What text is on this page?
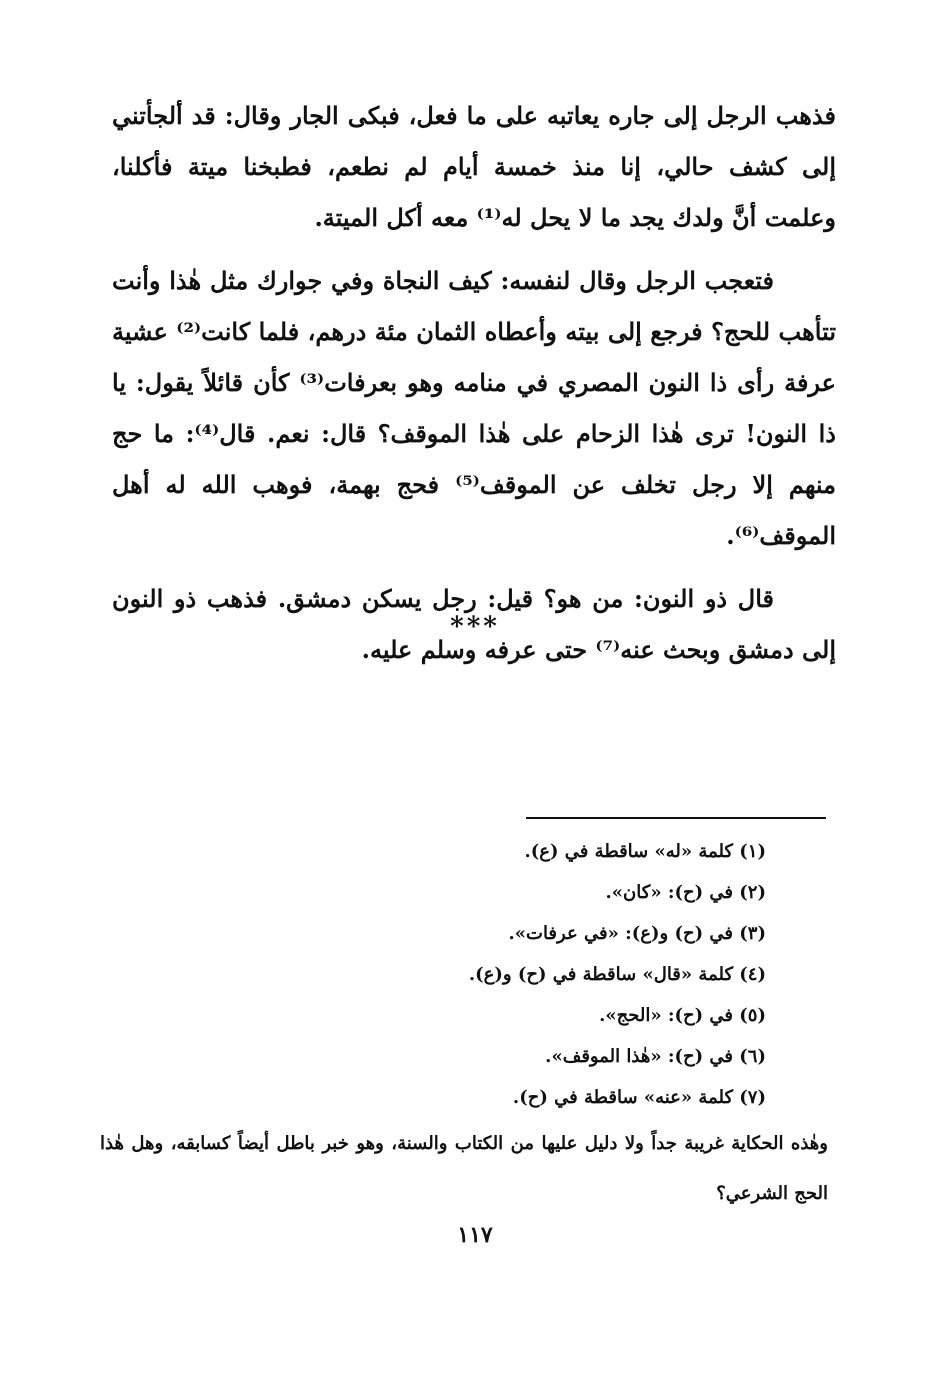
فذهب الرجل إلى جاره يعاتبه على ما فعل، فبكى الجار وقال: قد ألجأتني إلى كشف حالي، إنا منذ خمسة أيام لم نطعم، فطبخنا ميتة فأكلنا، وعلمت أنَّ ولدك يجد ما لا يحل له⁽¹⁾ معه أكل الميتة.

فتعجب الرجل وقال لنفسه: كيف النجاة وفي جوارك مثل هٰذا وأنت تتأهب للحج؟ فرجع إلى بيته وأعطاه الثمان مئة درهم، فلما كانت⁽²⁾ عشية عرفة رأى ذا النون المصري في منامه وهو بعرفات⁽³⁾ كأن قائلاً يقول: يا ذا النون! ترى هٰذا الزحام على هٰذا الموقف؟ قال: نعم. قال⁽⁴⁾: ما حج منهم إلا رجل تخلف عن الموقف⁽⁵⁾ فحج بهمة، فوهب الله له أهل الموقف⁽⁶⁾.

قال ذو النون: من هو؟ قيل: رجل يسكن دمشق. فذهب ذو النون إلى دمشق وبحث عنه⁽⁷⁾ حتى عرفه وسلم عليه.

***
(١) كلمة «له» ساقطة في (ع).
(٢) في (ح): «كان».
(٣) في (ح) و(ع): «في عرفات».
(٤) كلمة «قال» ساقطة في (ح) و(ع).
(٥) في (ح): «الحج».
(٦) في (ح): «هٰذا الموقف».
(٧) كلمة «عنه» ساقطة في (ح).
وهٰذه الحكاية غريبة جداً ولا دليل عليها من الكتاب والسنة، وهو خبر باطل أيضاً كسابقه، وهل هٰذا الحج الشرعي؟
١١٧
